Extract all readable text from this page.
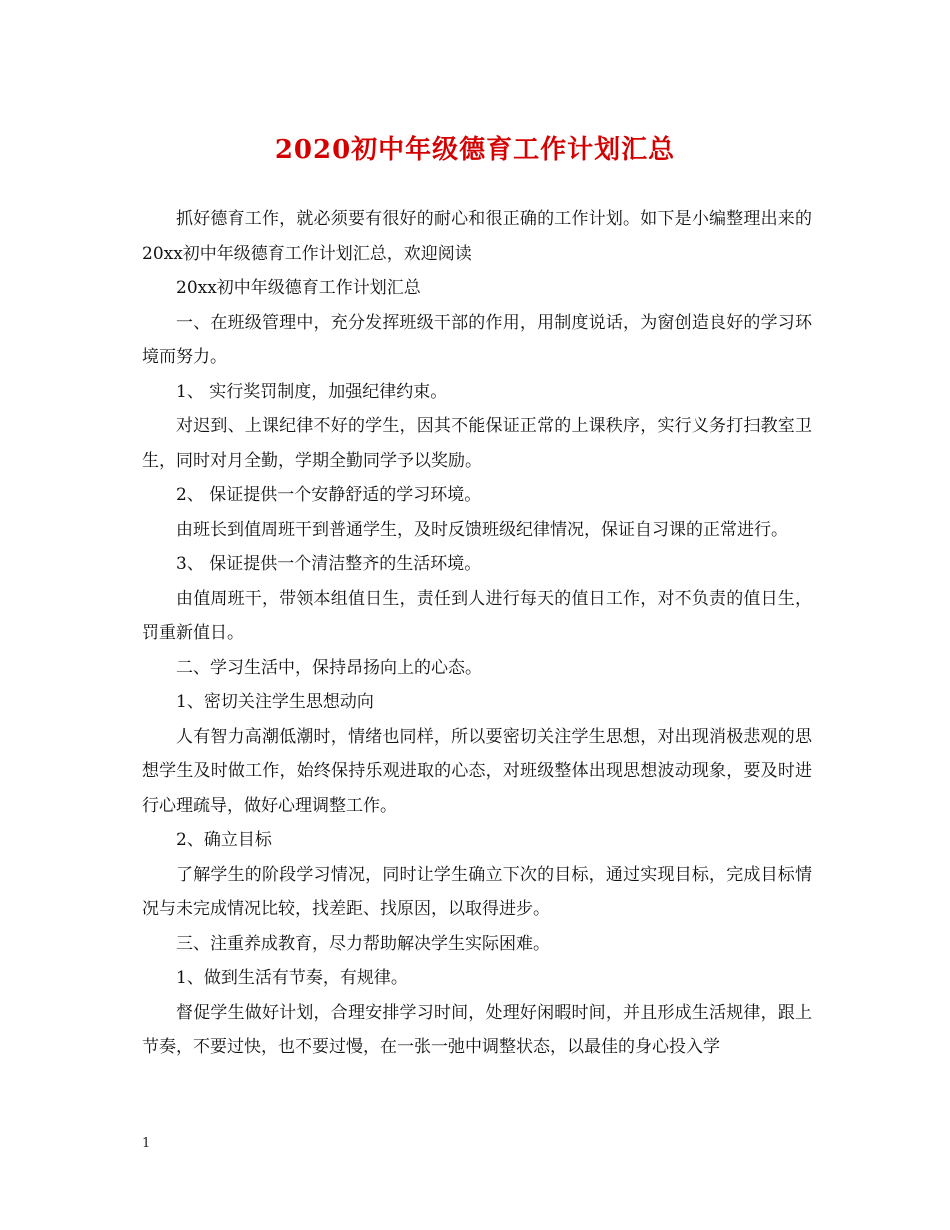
2020初中年级德育工作计划汇总

抓好德育工作，就必须要有很好的耐心和很正确的工作计划。如下是小编整理出来的20xx初中年级德育工作计划汇总，欢迎阅读

20xx初中年级德育工作计划汇总

一、在班级管理中，充分发挥班级干部的作用，用制度说话，为窗创造良好的学习环境而努力。

1、 实行奖罚制度，加强纪律约束。

对迟到、上课纪律不好的学生，因其不能保证正常的上课秩序，实行义务打扫教室卫生，同时对月全勤，学期全勤同学予以奖励。

2、 保证提供一个安静舒适的学习环境。

由班长到值周班干到普通学生，及时反馈班级纪律情况，保证自习课的正常进行。

3、 保证提供一个清洁整齐的生活环境。

由值周班干，带领本组值日生，责任到人进行每天的值日工作，对不负责的值日生，罚重新值日。

二、学习生活中，保持昂扬向上的心态。

1、密切关注学生思想动向

人有智力高潮低潮时，情绪也同样，所以要密切关注学生思想，对出现消极悲观的思想学生及时做工作，始终保持乐观进取的心态，对班级整体出现思想波动现象，要及时进行心理疏导，做好心理调整工作。

2、确立目标

了解学生的阶段学习情况，同时让学生确立下次的目标，通过实现目标，完成目标情况与未完成情况比较，找差距、找原因，以取得进步。

三、注重养成教育，尽力帮助解决学生实际困难。

1、做到生活有节奏，有规律。

督促学生做好计划，合理安排学习时间，处理好闲暇时间，并且形成生活规律，跟上节奏，不要过快，也不要过慢，在一张一弛中调整状态，以最佳的身心投入学

1
